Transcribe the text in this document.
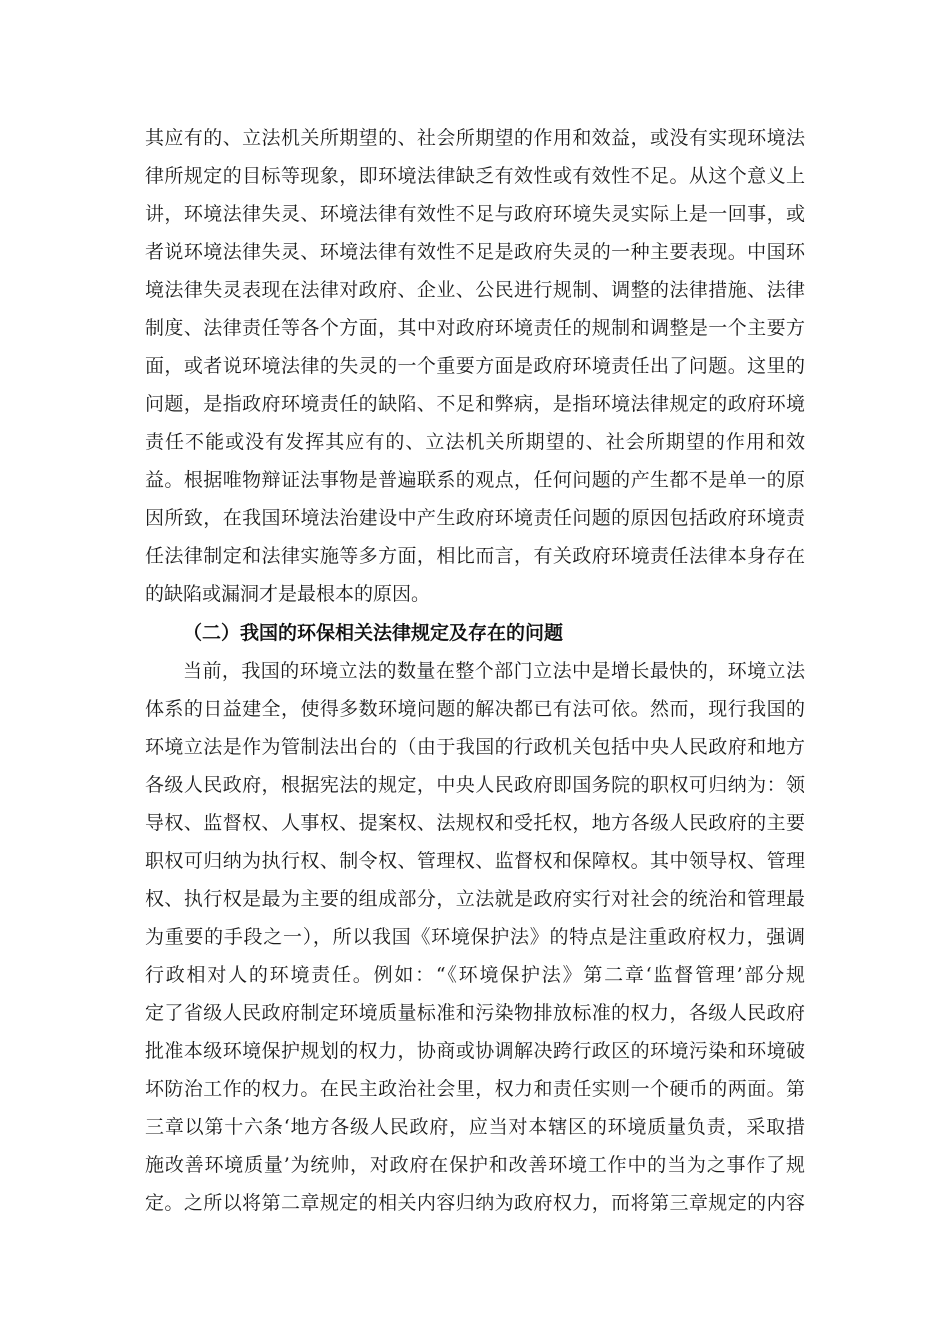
其应有的、立法机关所期望的、社会所期望的作用和效益，或没有实现环境法
律所规定的目标等现象，即环境法律缺乏有效性或有效性不足。从这个意义上
讲，环境法律失灵、环境法律有效性不足与政府环境失灵实际上是一回事，或
者说环境法律失灵、环境法律有效性不足是政府失灵的一种主要表现。中国环
境法律失灵表现在法律对政府、企业、公民进行规制、调整的法律措施、法律
制度、法律责任等各个方面，其中对政府环境责任的规制和调整是一个主要方
面，或者说环境法律的失灵的一个重要方面是政府环境责任出了问题。这里的
问题，是指政府环境责任的缺陷、不足和弊病，是指环境法律规定的政府环境
责任不能或没有发挥其应有的、立法机关所期望的、社会所期望的作用和效
益。根据唯物辩证法事物是普遍联系的观点，任何问题的产生都不是单一的原
因所致，在我国环境法治建设中产生政府环境责任问题的原因包括政府环境责
任法律制定和法律实施等多方面，相比而言，有关政府环境责任法律本身存在
的缺陷或漏洞才是最根本的原因。
（二）我国的环保相关法律规定及存在的问题
当前，我国的环境立法的数量在整个部门立法中是增长最快的，环境立法
体系的日益建全，使得多数环境问题的解决都已有法可依。然而，现行我国的
环境立法是作为管制法出台的（由于我国的行政机关包括中央人民政府和地方
各级人民政府，根据宪法的规定，中央人民政府即国务院的职权可归纳为：领
导权、监督权、人事权、提案权、法规权和受托权，地方各级人民政府的主要
职权可归纳为执行权、制令权、管理权、监督权和保障权。其中领导权、管理
权、执行权是最为主要的组成部分，立法就是政府实行对社会的统治和管理最
为重要的手段之一），所以我国《环境保护法》的特点是注重政府权力，强调
行政相对人的环境责任。例如：“《环境保护法》第二章‘监督管理’部分规
定了省级人民政府制定环境质量标准和污染物排放标准的权力，各级人民政府
批准本级环境保护规划的权力，协商或协调解决跨行政区的环境污染和环境破
坏防治工作的权力。在民主政治社会里，权力和责任实则一个硬币的两面。第
三章以第十六条‘地方各级人民政府，应当对本辖区的环境质量负责，采取措
施改善环境质量’为统帅，对政府在保护和改善环境工作中的当为之事作了规
定。之所以将第二章规定的相关内容归纳为政府权力，而将第三章规定的内容
